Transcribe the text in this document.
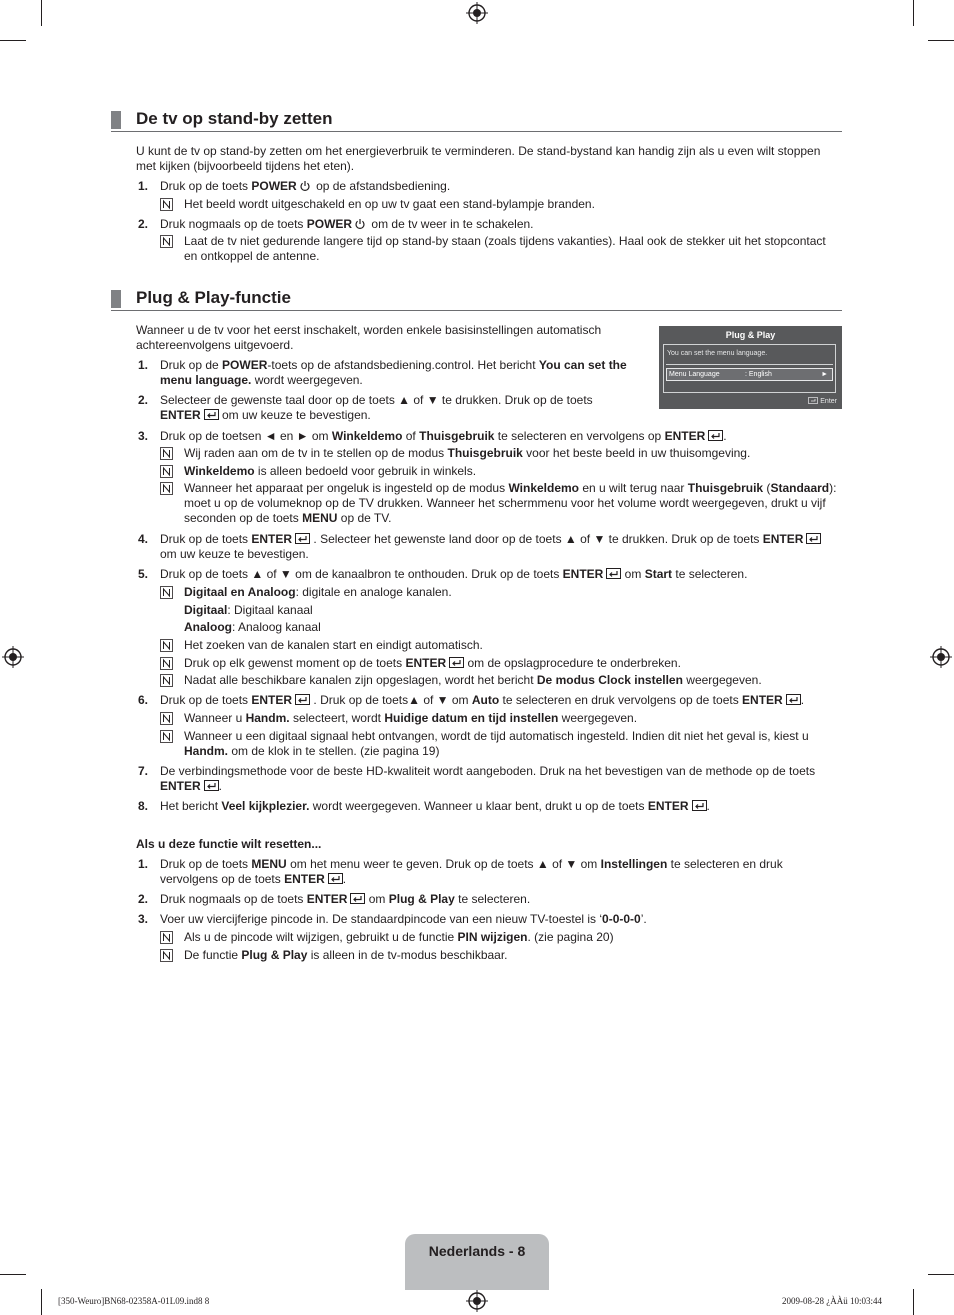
De tv op stand-by zetten
U kunt de tv op stand-by zetten om het energieverbruik te verminderen. De stand-bystand kan handig zijn als u even wilt stoppen met kijken (bijvoorbeeld tijdens het eten).
1. Druk op de toets POWER op de afstandsbediening.
Het beeld wordt uitgeschakeld en op uw tv gaat een stand-bylampje branden.
2. Druk nogmaals op de toets POWER om de tv weer in te schakelen.
Laat de tv niet gedurende langere tijd op stand-by staan (zoals tijdens vakanties). Haal ook de stekker uit het stopcontact en ontkoppel de antenne.
Plug & Play-functie
Wanneer u de tv voor het eerst inschakelt, worden enkele basisinstellingen automatisch achtereenvolgens uitgevoerd.
Plug & Play
You can set the menu language.
Menu Language	: English	►
Enter
1. Druk op de POWER-toets op de afstandsbediening.control. Het bericht You can set the menu language. wordt weergegeven.
2. Selecteer de gewenste taal door op de toets ▲ of ▼ te drukken. Druk op de toets ENTER om uw keuze te bevestigen.
3. Druk op de toetsen ◄ en ► om Winkeldemo of Thuisgebruik te selecteren en vervolgens op ENTER .
Wij raden aan om de tv in te stellen op de modus Thuisgebruik voor het beste beeld in uw thuisomgeving.
Winkeldemo is alleen bedoeld voor gebruik in winkels.
Wanneer het apparaat per ongeluk is ingesteld op de modus Winkeldemo en u wilt terug naar Thuisgebruik (Standaard): moet u op de volumeknop op de TV drukken. Wanneer het schermmenu voor het volume wordt weergegeven, drukt u vijf seconden op de toets MENU op de TV.
4. Druk op de toets ENTER . Selecteer het gewenste land door op de toets ▲ of ▼ te drukken. Druk op de toets ENTER om uw keuze te bevestigen.
5. Druk op de toets ▲ of ▼ om de kanaalbron te onthouden. Druk op de toets ENTER om Start te selecteren.
Digitaal en Analoog: digitale en analoge kanalen.
Digitaal: Digitaal kanaal
Analoog: Analoog kanaal
Het zoeken van de kanalen start en eindigt automatisch.
Druk op elk gewenst moment op de toets ENTER om de opslagprocedure te onderbreken.
Nadat alle beschikbare kanalen zijn opgeslagen, wordt het bericht De modus Clock instellen weergegeven.
6. Druk op de toets ENTER . Druk op de toets▲ of ▼ om Auto te selecteren en druk vervolgens op de toets ENTER .
Wanneer u Handm. selecteert, wordt Huidige datum en tijd instellen weergegeven.
Wanneer u een digitaal signaal hebt ontvangen, wordt de tijd automatisch ingesteld. Indien dit niet het geval is, kiest u Handm. om de klok in te stellen. (zie pagina 19)
7. De verbindingsmethode voor de beste HD-kwaliteit wordt aangeboden. Druk na het bevestigen van de methode op de toets ENTER .
8. Het bericht Veel kijkplezier. wordt weergegeven. Wanneer u klaar bent, drukt u op de toets ENTER .
Als u deze functie wilt resetten...
1. Druk op de toets MENU om het menu weer te geven. Druk op de toets ▲ of ▼ om Instellingen te selecteren en druk vervolgens op de toets ENTER .
2. Druk nogmaals op de toets ENTER om Plug & Play te selecteren.
3. Voer uw viercijferige pincode in. De standaardpincode van een nieuw TV-toestel is ‘0-0-0-0’.
Als u de pincode wilt wijzigen, gebruikt u de functie PIN wijzigen. (zie pagina 20)
De functie Plug & Play is alleen in de tv-modus beschikbaar.
Nederlands - 8
[350-Weuro]BN68-02358A-01L09.ind8 8	2009-08-28 ¿ÀÀü 10:03:44
